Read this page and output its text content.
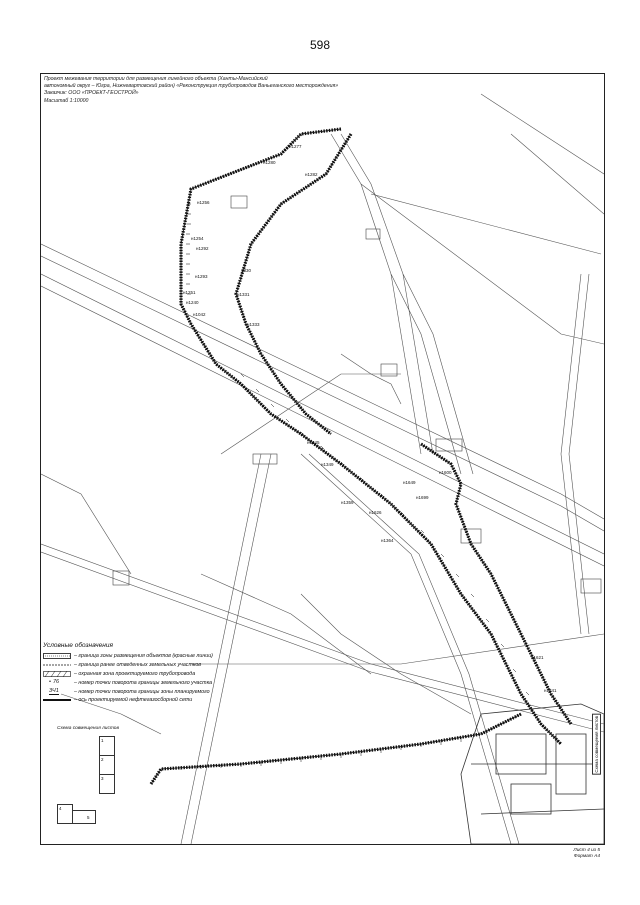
598
н1277
н1280
н1282
н1256
н1254
н1292
н1293
н1251
н1240
н1042
1330
н1331
н1333
н1345
н1349
н1359
н1364
н1621
н1741
н1699
н1600
н1649
н1626
Проект межевания территории для размещения линейного объекта (Ханты-Мансийский
автономный округ – Югра, Нижневартовский район) «Реконструкция трубопроводов Ваньеганского месторождения»
Заказчик: ООО «ПРОЕКТ-ГЕОСТРОЙ»
Масштаб 1:10000
Условные обозначения
– граница зоны размещения объектов (красные линии)
– граница ранее отведенных земельных участков
– охранная зона проектируемого трубопровода
• 76	– номер точки поворота границы земельного участка
3Ч1	– номер точки поворота границы зоны планируемого
– ось проектируемой нефтегазосборной сети
Схема совмещения листов
1
2
3
4
5
Схема совмещения листов
Лист 4 из 5
Формат А4
